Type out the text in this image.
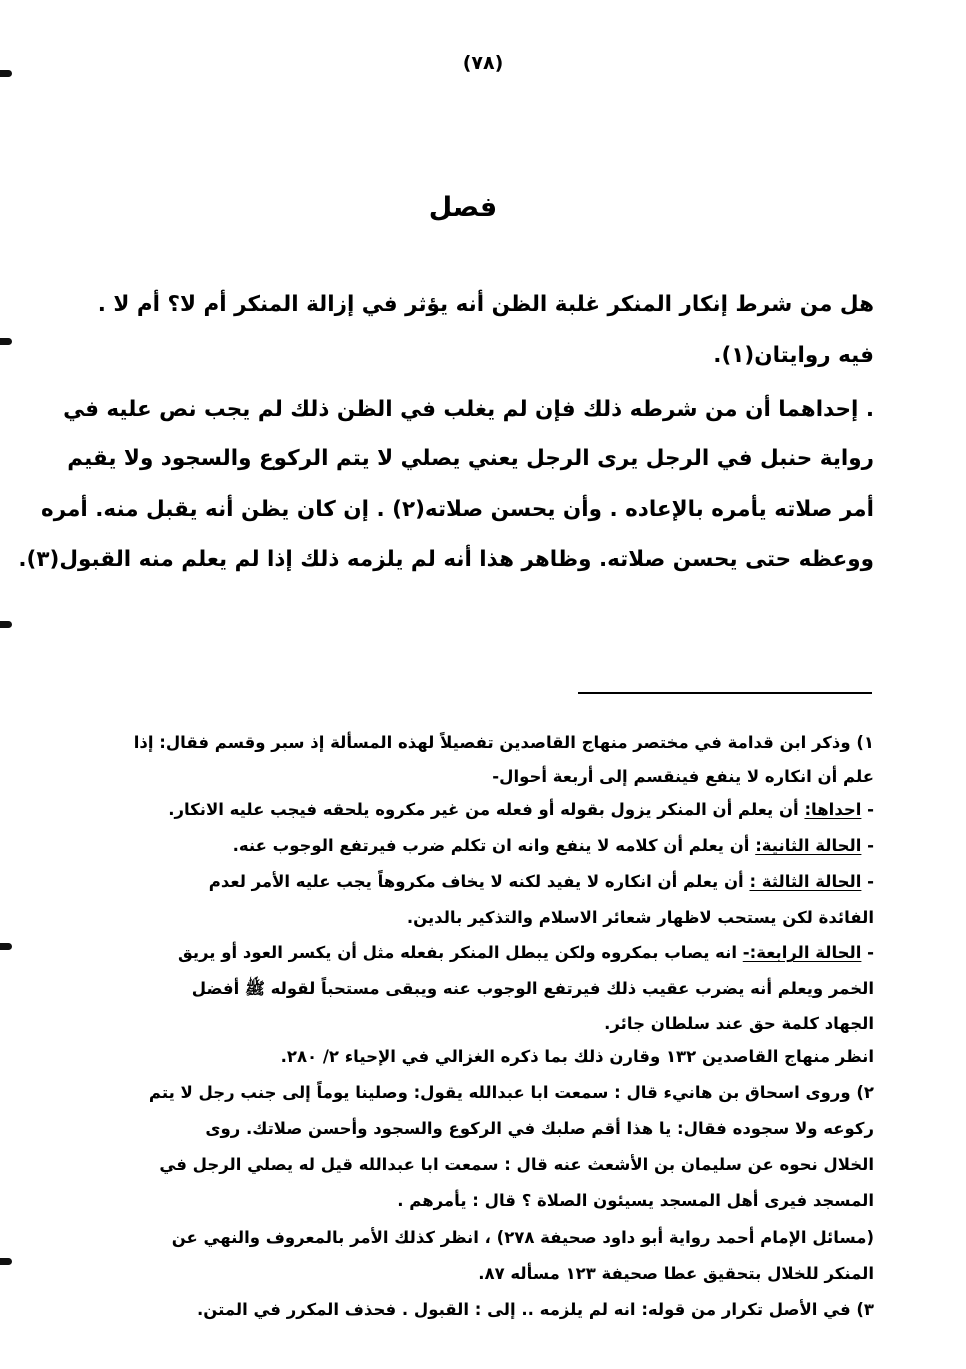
(٧٨)
فصل
هل من شرط إنكار المنكر غلبة الظن أنه يؤثر في إزالة المنكر أم لا؟ أم لا .
فيه روايتان(١).
. إحداهما أن من شرطه ذلك فإن لم يغلب في الظن ذلك لم يجب نص عليه في
رواية حنبل في الرجل يرى الرجل يعني يصلي لا يتم الركوع والسجود ولا يقيم
أمر صلاته يأمره بالإعاده . وأن يحسن صلاته(٢) . إن كان يظن أنه يقبل منه. أمره
ووعظه حتى يحسن صلاته. وظاهر هذا أنه لم يلزمه ذلك إذا لم يعلم منه القبول(٣).
١) وذكر ابن قدامة في مختصر منهاج القاصدين تفصيلاً لهذه المسألة إذ سبر وقسم فقال: إذا
علم أن انكاره لا ينفع فينقسم إلى أربعة أحوال-
- احداها: أن يعلم أن المنكر يزول بقوله أو فعله من غير مكروه يلحقه فيجب عليه الانكار.
- الحالة الثانية: أن يعلم أن كلامه لا ينفع وانه ان تكلم ضرب فيرتفع الوجوب عنه.
- الحالة الثالثة : أن يعلم أن انكاره لا يفيد لكنه لا يخاف مكروهاً يجب عليه الأمر لعدم
الفائدة لكن يستحب لاظهار شعائر الاسلام والتذكير بالدين.
- الحالة الرابعة:- انه يصاب بمكروه ولكن يبطل المنكر بفعله مثل أن يكسر العود أو يريق
الخمر ويعلم أنه يضرب عقيب ذلك فيرتفع الوجوب عنه ويبقى مستحباً لقوله ﷺ أفضل
الجهاد كلمة حق عند سلطان جائر.
انظر منهاج القاصدين ١٣٢ وقارن ذلك بما ذكره الغزالي في الإحياء ٢/ ٢٨٠.
٢) وروى اسحاق بن هانيء قال : سمعت ابا عبدالله يقول: وصلينا يوماً إلى جنب رجل لا يتم
ركوعه ولا سجوده فقال: يا هذا أقم صلبك في الركوع والسجود وأحسن صلاتك. روى
الخلال نحوه عن سليمان بن الأشعث عنه قال : سمعت ابا عبدالله قيل له يصلي الرجل في
المسجد فيرى أهل المسجد يسيئون الصلاة ؟ قال : يأمرهم .
(مسائل الإمام أحمد رواية أبو داود صحيفة ٢٧٨) ، انظر كذلك الأمر بالمعروف والنهي عن
المنكر للخلال بتحقيق عطا صحيفة ١٢٣ مسأله ٨٧.
٣) في الأصل تكرار من قوله: انه لم يلزمه .. إلى : القبول . فحذف المكرر في المتن.
